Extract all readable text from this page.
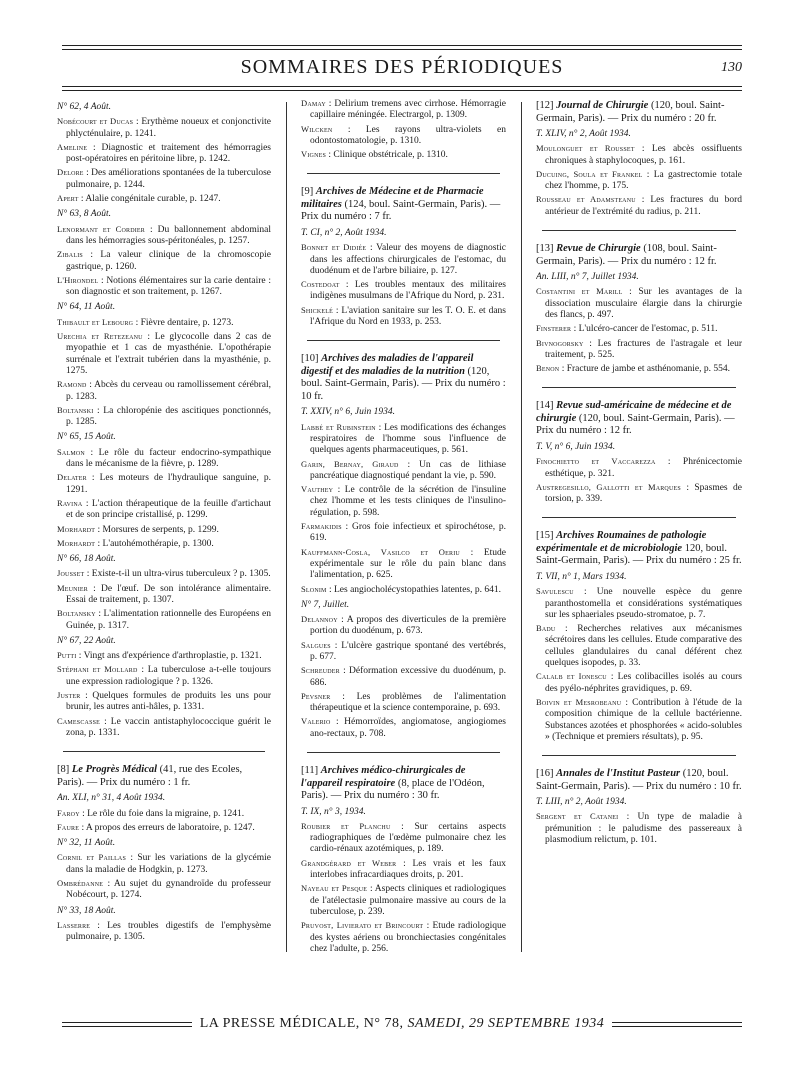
SOMMAIRES DES PÉRIODIQUES	130
N° 62, 4 Août.
Nobécourt et Ducas : Erythème noueux et conjonctivite phlycténulaire, p. 1241.
Ameline : Diagnostic et traitement des hémorragies post-opératoires en péritoine libre, p. 1242.
Delore : Des améliorations spontanées de la tuberculose pulmonaire, p. 1244.
Apert : Alalie congénitale curable, p. 1247.
N° 63, 8 Août.
Lenormant et Cordier : Du ballonnement abdominal dans les hémorragies sous-péritonéales, p. 1257.
Zibalis : La valeur clinique de la chromoscopie gastrique, p. 1260.
L'Hirondel : Notions élémentaires sur la carie dentaire : son diagnostic et son traitement, p. 1267.
N° 64, 11 Août.
Thibault et Lebourg : Fièvre dentaire, p. 1273.
Urechia et Retezeanu : Le glycocolle dans 2 cas de myopathie et 1 cas de myasthénie. L'opothérapie surrénale et l'extrait tubérien dans la myasthénie, p. 1275.
Ramond : Abcès du cerveau ou ramollissement cérébral, p. 1283.
Boltanski : La chloropénie des ascitiques ponctionnés, p. 1285.
N° 65, 15 Août.
Salmon : Le rôle du facteur endocrino-sympathique dans le mécanisme de la fièvre, p. 1289.
Delater : Les moteurs de l'hydraulique sanguine, p. 1291.
Ravina : L'action thérapeutique de la feuille d'artichaut et de son principe cristallisé, p. 1299.
Morhardt : Morsures de serpents, p. 1299.
Morhardt : L'autohémothérapie, p. 1300.
N° 66, 18 Août.
Jousset : Existe-t-il un ultra-virus tuberculeux ? p. 1305.
Meunier : De l'œuf. De son intolérance alimentaire. Essai de traitement, p. 1307.
Boltansky : L'alimentation rationnelle des Européens en Guinée, p. 1317.
N° 67, 22 Août.
Putti : Vingt ans d'expérience d'arthroplastie, p. 1321.
Stéphani et Mollard : La tuberculose a-t-elle toujours une expression radiologique ? p. 1326.
Juster : Quelques formules de produits les uns pour brunir, les autres anti-hâles, p. 1331.
Camescasse : Le vaccin antistaphylococcique guérit le zona, p. 1331.
[8] Le Progrès Médical (41, rue des Ecoles, Paris). — Prix du numéro : 1 fr.
An. XLI, n° 31, 4 Août 1934.
Faroy : Le rôle du foie dans la migraine, p. 1241.
Faure : A propos des erreurs de laboratoire, p. 1247.
N° 32, 11 Août.
Cornil et Paillas : Sur les variations de la glycémie dans la maladie de Hodgkin, p. 1273.
Ombrédanne : Au sujet du gynandroïde du professeur Nobécourt, p. 1274.
N° 33, 18 Août.
Lasserre : Les troubles digestifs de l'emphysème pulmonaire, p. 1305.
Damay : Delirium tremens avec cirrhose. Hémorragie capillaire méningée. Electrargol, p. 1309.
Wilcken : Les rayons ultra-violets en odontostomatologie, p. 1310.
Vignes : Clinique obstétricale, p. 1310.
[9] Archives de Médecine et de Pharmacie militaires (124, boul. Saint-Germain, Paris). — Prix du numéro : 7 fr.
T. CI, n° 2, Août 1934.
Bonnet et Didiée : Valeur des moyens de diagnostic dans les affections chirurgicales de l'estomac, du duodénum et de l'arbre biliaire, p. 127.
Costedoat : Les troubles mentaux des militaires indigènes musulmans de l'Afrique du Nord, p. 231.
Shickelé : L'aviation sanitaire sur les T. O. E. et dans l'Afrique du Nord en 1933, p. 253.
[10] Archives des maladies de l'appareil digestif et des maladies de la nutrition (120, boul. Saint-Germain, Paris). — Prix du numéro : 10 fr.
T. XXIV, n° 6, Juin 1934.
Labbé et Rubinstein : Les modifications des échanges respiratoires de l'homme sous l'influence de quelques agents pharmaceutiques, p. 561.
Garin, Bernay, Giraud : Un cas de lithiase pancréatique diagnostiqué pendant la vie, p. 590.
Vauthey : Le contrôle de la sécrétion de l'insuline chez l'homme et les tests cliniques de l'insulino-régulation, p. 598.
Farmakidis : Gros foie infectieux et spirochétose, p. 619.
Kauffmann-Cosla, Vasilco et Oeriu : Etude expérimentale sur le rôle du pain blanc dans l'alimentation, p. 625.
Slonim : Les angiocholécystopathies latentes, p. 641.
N° 7, Juillet.
Delannoy : A propos des diverticules de la première portion du duodénum, p. 673.
Salgues : L'ulcère gastrique spontané des vertébrés, p. 677.
Schreuder : Déformation excessive du duodénum, p. 686.
Pevsner : Les problèmes de l'alimentation thérapeutique et la science contemporaine, p. 693.
Valerio : Hémorroïdes, angiomatose, angiogiomes ano-rectaux, p. 708.
[11] Archives médico-chirurgicales de l'appareil respiratoire (8, place de l'Odéon, Paris). — Prix du numéro : 30 fr.
T. IX, n° 3, 1934.
Roubier et Planchu : Sur certains aspects radiographiques de l'œdème pulmonaire chez les cardio-rénaux azotémiques, p. 189.
Grandgérard et Weber : Les vrais et les faux interlobes infracardiaques droits, p. 201.
Nayeau et Pesque : Aspects cliniques et radiologiques de l'atélectasie pulmonaire massive au cours de la tuberculose, p. 239.
Pruvost, Livierato et Brincourt : Etude radiologique des kystes aériens ou bronchiectasies congénitales chez l'adulte, p. 256.
[12] Journal de Chirurgie (120, boul. Saint-Germain, Paris). — Prix du numéro : 20 fr.
T. XLIV, n° 2, Août 1934.
Moulonguet et Rousset : Les abcès ossifluents chroniques à staphylocoques, p. 161.
Ducuing, Soula et Frankel : La gastrectomie totale chez l'homme, p. 175.
Rousseau et Adamsteanu : Les fractures du bord antérieur de l'extrémité du radius, p. 211.
[13] Revue de Chirurgie (108, boul. Saint-Germain, Paris). — Prix du numéro : 12 fr.
An. LIII, n° 7, Juillet 1934.
Costantini et Marill : Sur les avantages de la dissociation musculaire élargie dans la chirurgie des flancs, p. 497.
Finsterer : L'ulcéro-cancer de l'estomac, p. 511.
Bivnogorsky : Les fractures de l'astragale et leur traitement, p. 525.
Benon : Fracture de jambe et asthénomanie, p. 554.
[14] Revue sud-américaine de médecine et de chirurgie (120, boul. Saint-Germain, Paris). — Prix du numéro : 12 fr.
T. V, n° 6, Juin 1934.
Finochietto et Vaccarezza : Phrénicectomie esthétique, p. 321.
Austregesillo, Gallotti et Marques : Spasmes de torsion, p. 339.
[15] Archives Roumaines de pathologie expérimentale et de microbiologie 120, boul. Saint-Germain, Paris). — Prix du numéro : 25 fr.
T. VII, n° 1, Mars 1934.
Savulescu : Une nouvelle espèce du genre paranthostomella et considérations systématiques sur les sphaeriales pseudo-stromatoe, p. 7.
Badu : Recherches relatives aux mécanismes sécrétoires dans les cellules. Etude comparative des cellules glandulaires du canal déférent chez quelques isopodes, p. 33.
Calalb et Ionescu : Les colibacilles isolés au cours des pyélo-néphrites gravidiques, p. 69.
Boivin et Mesrobeanu : Contribution à l'étude de la composition chimique de la cellule bactérienne. Substances azotées et phosphorées « acido-solubles » (Technique et premiers résultats), p. 95.
[16] Annales de l'Institut Pasteur (120, boul. Saint-Germain, Paris). — Prix du numéro : 10 fr.
T. LIII, n° 2, Août 1934.
Sergent et Catanei : Un type de maladie à prémunition : le paludisme des passereaux à plasmodium relictum, p. 101.
LA PRESSE MÉDICALE, N° 78, SAMEDI, 29 SEPTEMBRE 1934
